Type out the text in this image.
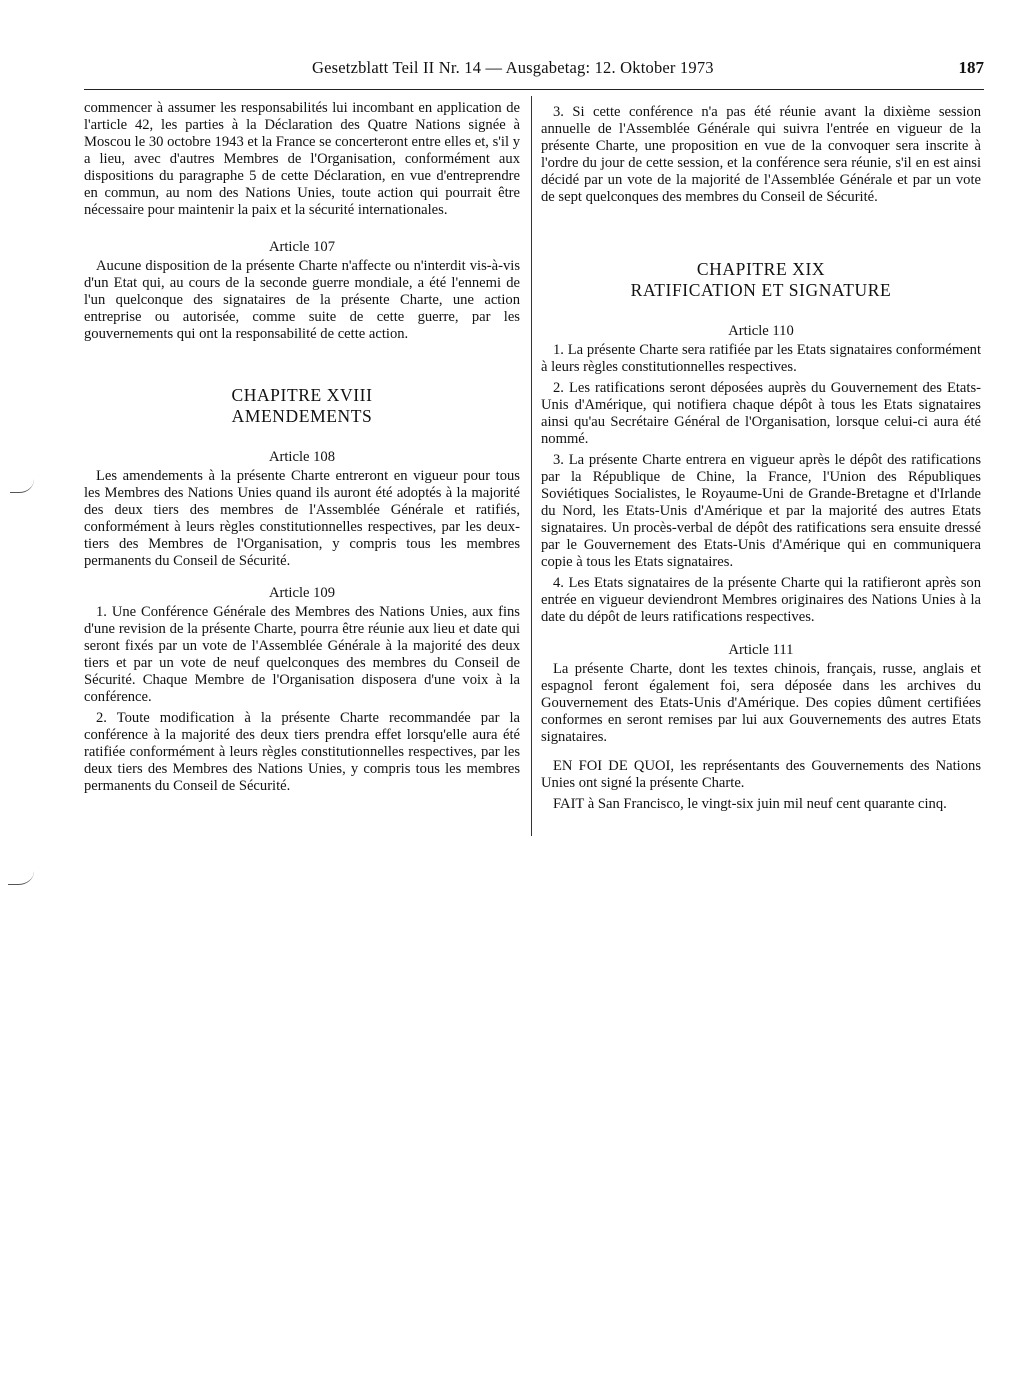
Gesetzblatt Teil II Nr. 14 — Ausgabetag: 12. Oktober 1973	187

commencer à assumer les responsabilités lui incombant en application de l'article 42, les parties à la Déclaration des Quatre Nations signée à Moscou le 30 octobre 1943 et la France se concerteront entre elles et, s'il y a lieu, avec d'autres Membres de l'Organisation, conformément aux dispositions du paragraphe 5 de cette Déclaration, en vue d'entreprendre en commun, au nom des Nations Unies, toute action qui pourrait être nécessaire pour maintenir la paix et la sécurité internationales.

Article 107

Aucune disposition de la présente Charte n'affecte ou n'interdit vis-à-vis d'un Etat qui, au cours de la seconde guerre mondiale, a été l'ennemi de l'un quelconque des signataires de la présente Charte, une action entreprise ou autorisée, comme suite de cette guerre, par les gouvernements qui ont la responsabilité de cette action.

CHAPITRE XVIII

AMENDEMENTS

Article 108

Les amendements à la présente Charte entreront en vigueur pour tous les Membres des Nations Unies quand ils auront été adoptés à la majorité des deux tiers des membres de l'Assemblée Générale et ratifiés, conformément à leurs règles constitutionnelles respectives, par les deux-tiers des Membres de l'Organisation, y compris tous les membres permanents du Conseil de Sécurité.

Article 109

1. Une Conférence Générale des Membres des Nations Unies, aux fins d'une revision de la présente Charte, pourra être réunie aux lieu et date qui seront fixés par un vote de l'Assemblée Générale à la majorité des deux tiers et par un vote de neuf quelconques des membres du Conseil de Sécurité. Chaque Membre de l'Organisation disposera d'une voix à la conférence.

2. Toute modification à la présente Charte recommandée par la conférence à la majorité des deux tiers prendra effet lorsqu'elle aura été ratifiée conformément à leurs règles constitutionnelles respectives, par les deux tiers des Membres des Nations Unies, y compris tous les membres permanents du Conseil de Sécurité.

3. Si cette conférence n'a pas été réunie avant la dixième session annuelle de l'Assemblée Générale qui suivra l'entrée en vigueur de la présente Charte, une proposition en vue de la convoquer sera inscrite à l'ordre du jour de cette session, et la conférence sera réunie, s'il en est ainsi décidé par un vote de la majorité de l'Assemblée Générale et par un vote de sept quelconques des membres du Conseil de Sécurité.

CHAPITRE XIX

RATIFICATION ET SIGNATURE

Article 110

1. La présente Charte sera ratifiée par les Etats signataires conformément à leurs règles constitutionnelles respectives.

2. Les ratifications seront déposées auprès du Gouvernement des Etats-Unis d'Amérique, qui notifiera chaque dépôt à tous les Etats signataires ainsi qu'au Secrétaire Général de l'Organisation, lorsque celui-ci aura été nommé.

3. La présente Charte entrera en vigueur après le dépôt des ratifications par la République de Chine, la France, l'Union des Républiques Soviétiques Socialistes, le Royaume-Uni de Grande-Bretagne et d'Irlande du Nord, les Etats-Unis d'Amérique et par la majorité des autres Etats signataires. Un procès-verbal de dépôt des ratifications sera ensuite dressé par le Gouvernement des Etats-Unis d'Amérique qui en communiquera copie à tous les Etats signataires.

4. Les Etats signataires de la présente Charte qui la ratifieront après son entrée en vigueur deviendront Membres originaires des Nations Unies à la date du dépôt de leurs ratifications respectives.

Article 111

La présente Charte, dont les textes chinois, français, russe, anglais et espagnol feront également foi, sera déposée dans les archives du Gouvernement des Etats-Unis d'Amérique. Des copies dûment certifiées conformes en seront remises par lui aux Gouvernements des autres Etats signataires.

EN FOI DE QUOI, les représentants des Gouvernements des Nations Unies ont signé la présente Charte.

FAIT à San Francisco, le vingt-six juin mil neuf cent quarante cinq.
